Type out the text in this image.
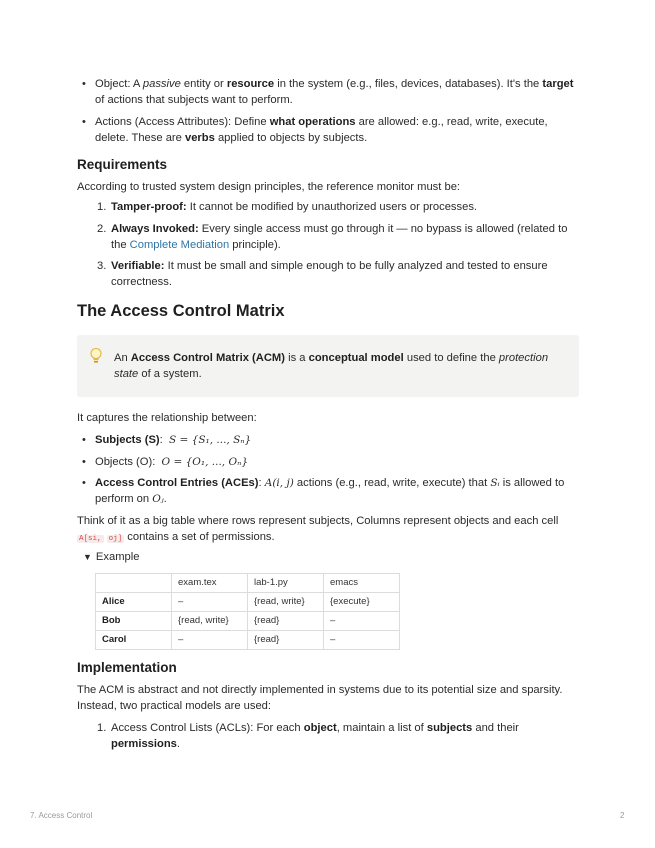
• Object: A passive entity or resource in the system (e.g., files, devices, databases). It's the target of actions that subjects want to perform.
• Actions (Access Attributes): Define what operations are allowed: e.g., read, write, execute, delete. These are verbs applied to objects by subjects.
Requirements
According to trusted system design principles, the reference monitor must be:
1. Tamper-proof: It cannot be modified by unauthorized users or processes.
2. Always Invoked: Every single access must go through it — no bypass is allowed (related to the Complete Mediation principle).
3. Verifiable: It must be small and simple enough to be fully analyzed and tested to ensure correctness.
The Access Control Matrix
An Access Control Matrix (ACM) is a conceptual model used to define the protection state of a system.
It captures the relationship between:
• Subjects (S): S = {S₁, ..., Sₙ}
• Objects (O): O = {O₁, ..., Oₙ}
• Access Control Entries (ACEs): A(i, j) actions (e.g., read, write, execute) that Sᵢ is allowed to perform on Oⱼ.
Think of it as a big table where rows represent subjects, Columns represent objects and each cell A[si, oj] contains a set of permissions.
▼ Example
	exam.tex	lab-1.py	emacs
Alice	–	{read, write}	{execute}
Bob	{read, write}	{read}	–
Carol	–	{read}	–
Implementation
The ACM is abstract and not directly implemented in systems due to its potential size and sparsity. Instead, two practical models are used:
1. Access Control Lists (ACLs): For each object, maintain a list of subjects and their permissions.
7. Access Control	2
